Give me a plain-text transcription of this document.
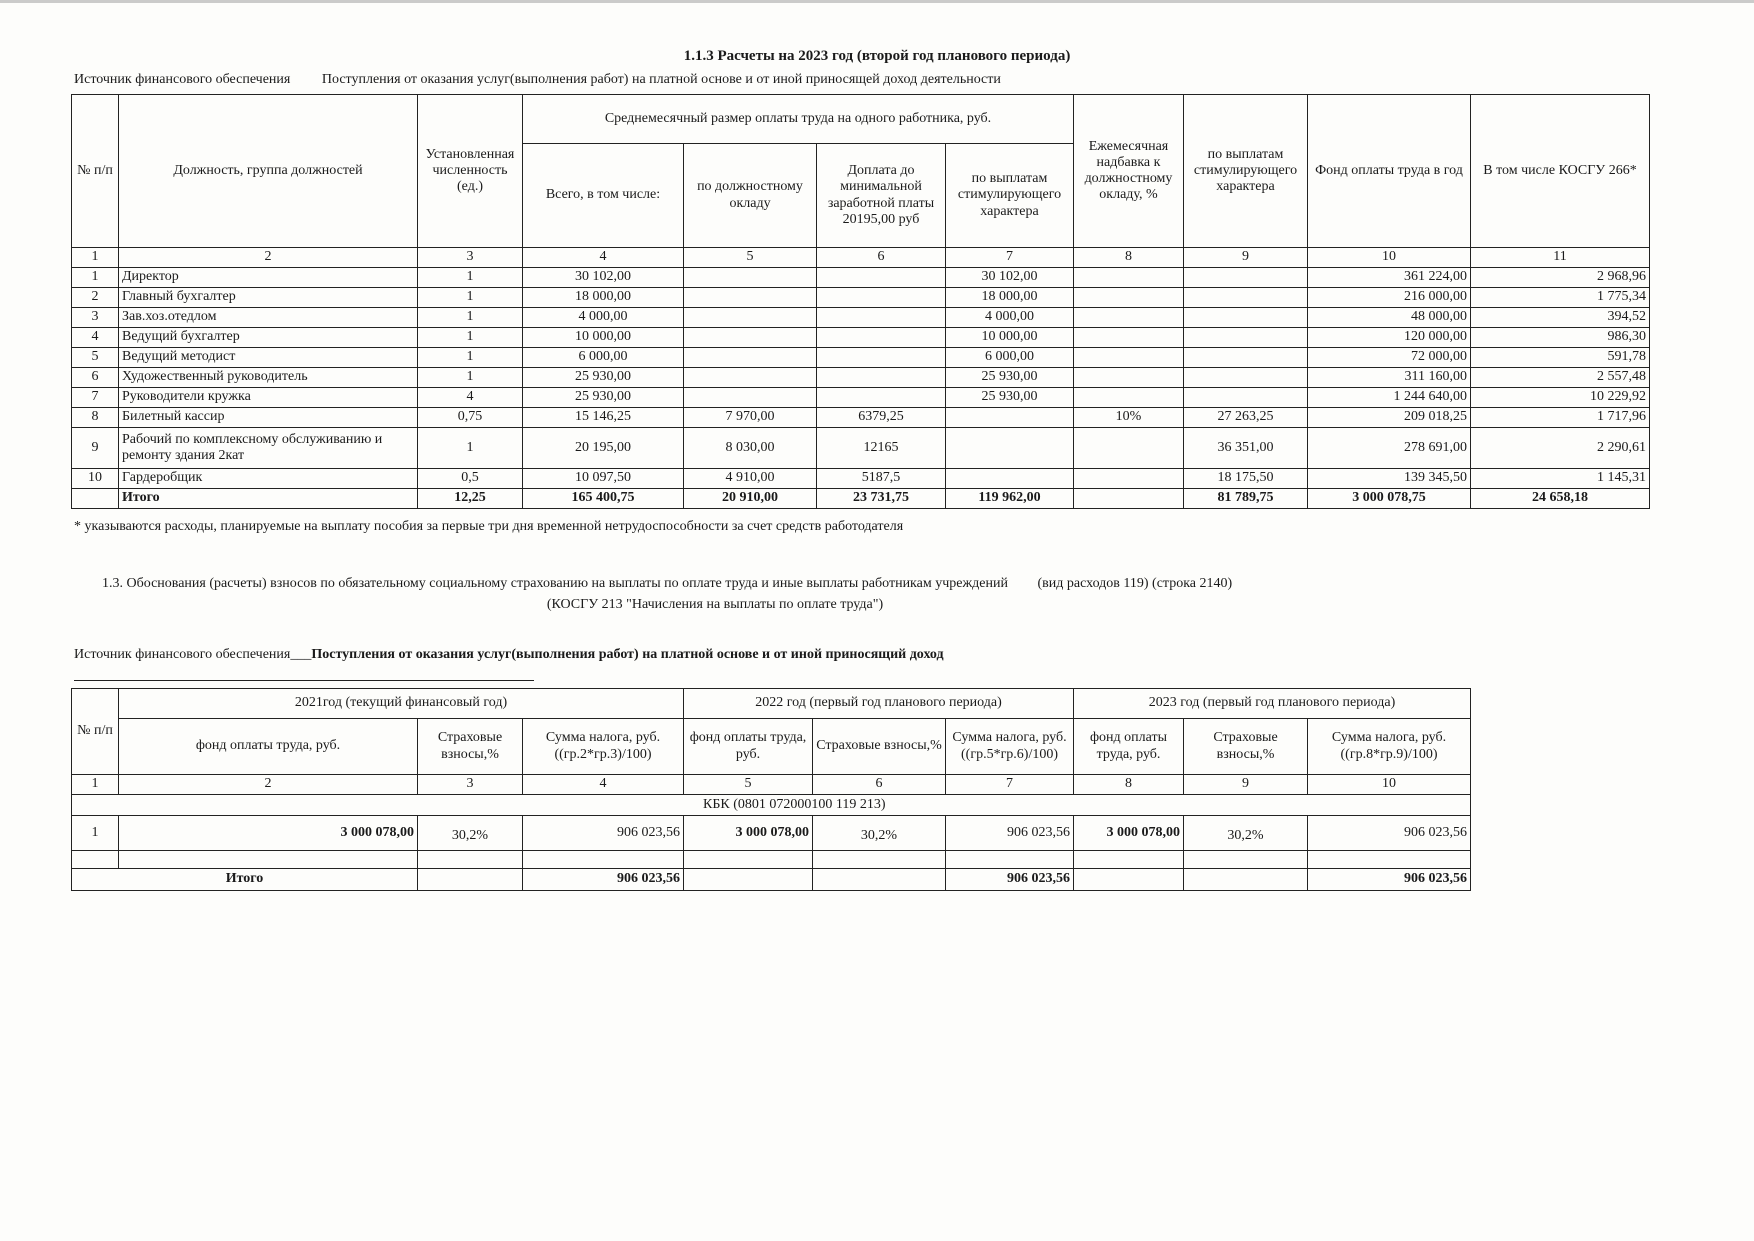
1.1.3 Расчеты на 2023 год (второй год планового периода)
Источник финансового обеспечения Поступления от оказания услуг(выполнения работ) на платной основе и от иной приносящей доход деятельности
№ п/п	Должность, группа должностей	Установленная численность (ед.)	Среднемесячный размер оплаты труда на одного работника, руб.				Ежемесячная надбавка к должностному окладу, %	по выплатам стимулирующего характера	Фонд оплаты труда в год	В том числе КОСГУ 266*
			Всего, в том числе:	по должностному окладу	Доплата до минимальной заработной платы 20195,00 руб	по выплатам стимулирующего характера				
1	2	3	4	5	6	7	8	9	10	11
1	Директор	1	30 102,00			30 102,00			361 224,00	2 968,96
2	Главный бухгалтер	1	18 000,00			18 000,00			216 000,00	1 775,34
3	Зав.хоз.отедлом	1	4 000,00			4 000,00			48 000,00	394,52
4	Ведущий бухгалтер	1	10 000,00			10 000,00			120 000,00	986,30
5	Ведущий методист	1	6 000,00			6 000,00			72 000,00	591,78
6	Художественный руководитель	1	25 930,00			25 930,00			311 160,00	2 557,48
7	Руководители кружка	4	25 930,00			25 930,00			1 244 640,00	10 229,92
8	Билетный кассир	0,75	15 146,25	7 970,00	6379,25		10%	27 263,25	209 018,25	1 717,96
9	Рабочий по комплексному обслуживанию и ремонту здания 2кат	1	20 195,00	8 030,00	12165			36 351,00	278 691,00	2 290,61
10	Гардеробщик	0,5	10 097,50	4 910,00	5187,5			18 175,50	139 345,50	1 145,31
	Итого	12,25	165 400,75	20 910,00	23 731,75	119 962,00		81 789,75	3 000 078,75	24 658,18
* указываются расходы, планируемые на выплату пособия за первые три дня временной нетрудоспособности за счет средств работодателя
1.3. Обоснования (расчеты) взносов по обязательному социальному страхованию на выплаты по оплате труда и иные выплаты работникам учреждений (вид расходов 119) (строка 2140)
(КОСГУ 213 "Начисления на выплаты по оплате труда")
Источник финансового обеспечения___Поступления от оказания услуг(выполнения работ) на платной основе и от иной приносящий доход
№ п/п	2021год (текущий финансовый год)			2022 год (первый год планового периода)			2023 год (первый год планового периода)		
	фонд оплаты труда, руб.	Страховые взносы,%	Сумма налога, руб. ((гр.2*гр.3)/100)	фонд оплаты труда, руб.	Страховые взносы,%	Сумма налога, руб. ((гр.5*гр.6)/100)	фонд оплаты труда, руб.	Страховые взносы,%	Сумма налога, руб. ((гр.8*гр.9)/100)
1	2	3	4	5	6	7	8	9	10
	КБК (0801 072000100 119 213)								
1	3 000 078,00	30,2%	906 023,56	3 000 078,00	30,2%	906 023,56	3 000 078,00	30,2%	906 023,56

Итого			906 023,56			906 023,56			906 023,56
